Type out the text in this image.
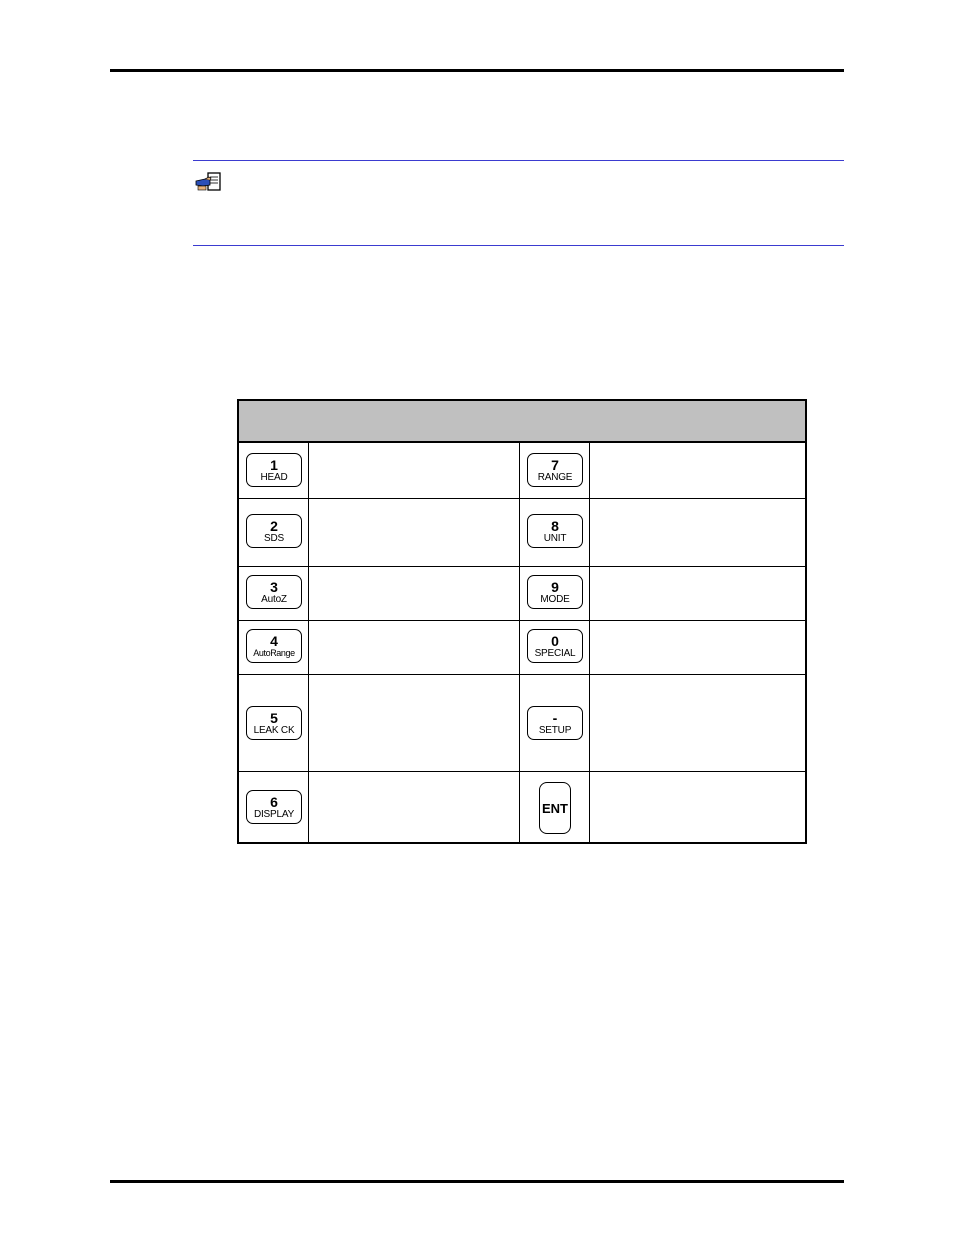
1
HEAD
2
SDS
3
AutoZ
4
AutoRange
5
LEAK CK
6
DISPLAY
7
RANGE
8
UNIT
9
MODE
0
SPECIAL
-
SETUP
ENT
